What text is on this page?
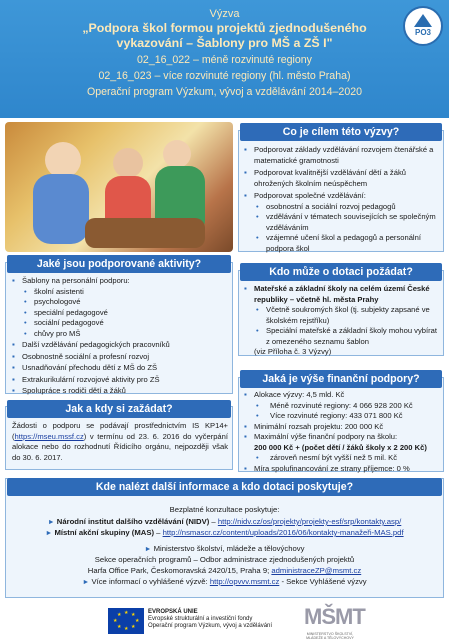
Výzva
„Podpora škol formou projektů zjednodušeného
vykazování – Šablony pro MŠ a ZŠ I"
02_16_022 – méně rozvinuté regiony
02_16_023 – více rozvinuté regiony (hl. město Praha)
Operační program Výzkum, vývoj a vzdělávání 2014–2020
PO3
Co je cílem této výzvy?
▪ Podporovat základy vzdělávání rozvojem čtenářské a matematické gramotnosti
▪ Podporovat kvalitnější vzdělávání dětí a žáků ohrožených školním neúspěchem
▪ Podporovat společné vzdělávání:
• osobnostní a sociální rozvoj pedagogů
• vzdělávání v tématech souvisejících se společným vzděláváním
• vzájemné učení škol a pedagogů a personální podpora škol
Jaké jsou podporované aktivity?
▪ Šablony na personální podporu:
• školní asistenti
• psychologové
• speciální pedagogové
• sociální pedagogové
• chůvy pro MŠ
▪ Další vzdělávání pedagogických pracovníků
▪ Osobnostně sociální a profesní rozvoj
▪ Usnadňování přechodu dětí z MŠ do ZŠ
▪ Extrakurikulární rozvojové aktivity pro ZŠ
▪ Spolupráce s rodiči dětí a žáků
Kdo může o dotaci požádat?
▪ Mateřské a základní školy na celém území České republiky – včetně hl. města Prahy
• Včetně soukromých škol (tj. subjekty zapsané ve školském rejstříku)
• Speciální mateřské a základní školy mohou vybírat z omezeného seznamu šablon
(viz Příloha č. 3 Výzvy)
Jak a kdy si zažádat?
Žádosti o podporu se podávají prostřednictvím IS KP14+ (https://mseu.mssf.cz) v termínu od 23. 6. 2016 do vyčerpání alokace nebo do rozhodnutí Řídicího orgánu, nejpozději však do 30. 6. 2017.
Jaká je výše finanční podpory?
▪ Alokace výzvy: 4,5 mld. Kč
• Méně rozvinuté regiony: 4 066 928 200 Kč
• Více rozvinuté regiony: 433 071 800 Kč
▪ Minimální rozsah projektu: 200 000 Kč
▪ Maximální výše finanční podpory na školu:
200 000 Kč + (počet dětí / žáků školy x 2 200 Kč)
• zároveň nesmí být vyšší než 5 mil. Kč
▪ Míra spolufinancování ze strany příjemce: 0 %
Kde nalézt další informace a kdo dotaci poskytuje?
Bezplatné konzultace poskytuje:
► Národní institut dalšího vzdělávání (NIDV) – http://nidv.cz/os/projekty/projekty-esf/srp/kontakty.asp/
► Místní akční skupiny (MAS) – http://nsmascr.cz/content/uploads/2016/06/kontakty-manažeři-MAS.pdf
► Ministerstvo školství, mládeže a tělovýchovy
Sekce operačních programů – Odbor administrace zjednodušených projektů
Harfa Office Park, Českomoravská 2420/15, Praha 9; administraceZP@msmt.cz
► Více informací o vyhlášené výzvě: http://opvvv.msmt.cz - Sekce Vyhlášené výzvy
★ ★
★
★
★
★
★
★	EVROPSKÁ UNIE
Evropské strukturální a investiční fondy
Operační program Výzkum, vývoj a vzdělávání MŠMT
MINISTERSTVO ŠKOLSTVÍ, MLÁDEŽE A TĚLOVÝCHOVY
